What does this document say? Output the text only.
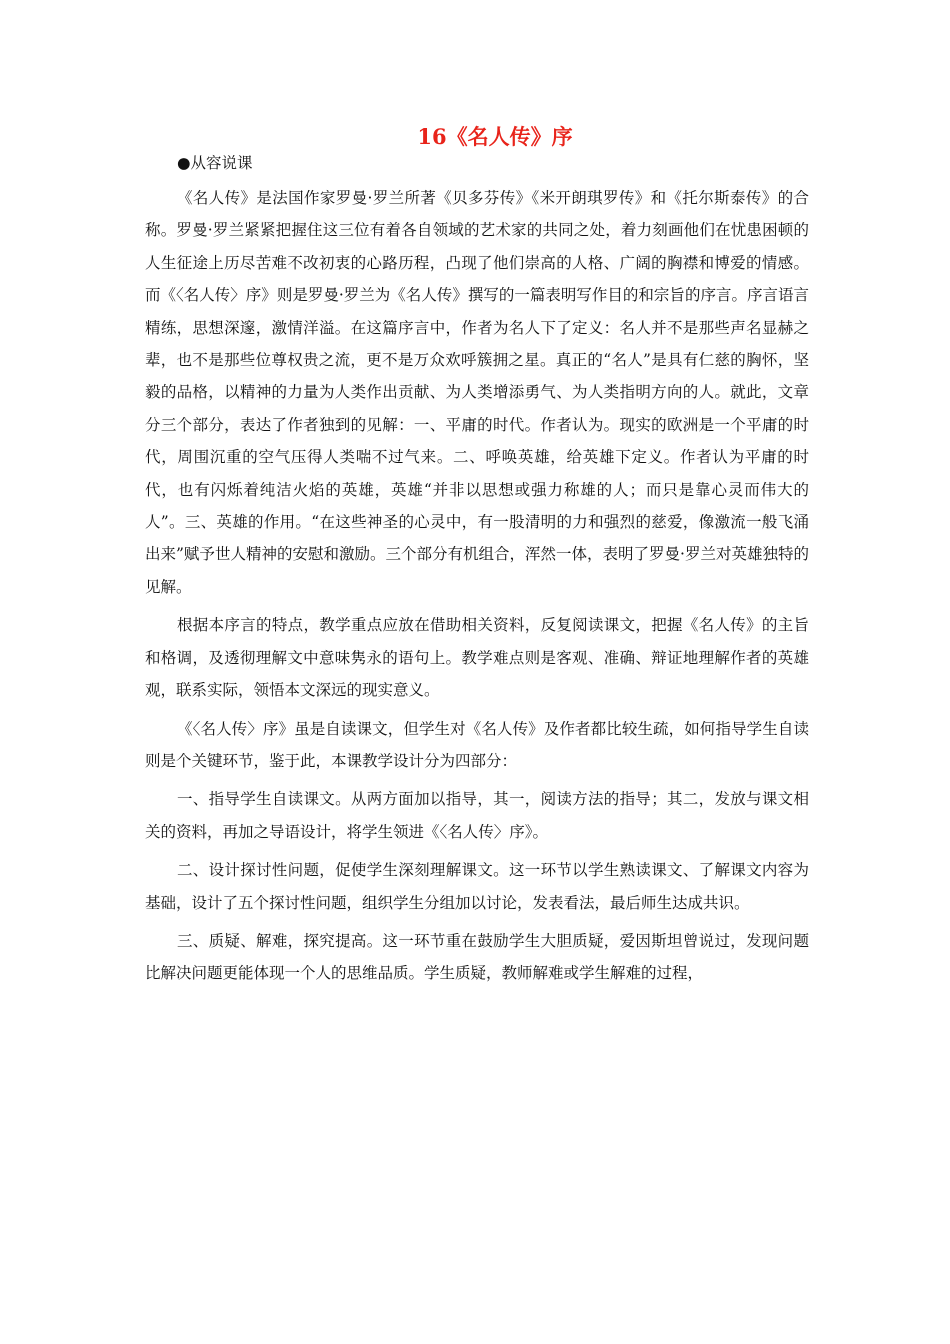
16《名人传》序
●从容说课

《名人传》是法国作家罗曼·罗兰所著《贝多芬传》《米开朗琪罗传》和《托尔斯泰传》的合称。罗曼·罗兰紧紧把握住这三位有着各自领域的艺术家的共同之处，着力刻画他们在忧患困顿的人生征途上历尽苦难不改初衷的心路历程，凸现了他们崇高的人格、广阔的胸襟和博爱的情感。而《〈名人传〉序》则是罗曼·罗兰为《名人传》撰写的一篇表明写作目的和宗旨的序言。序言语言精练，思想深邃，激情洋溢。在这篇序言中，作者为名人下了定义：名人并不是那些声名显赫之辈，也不是那些位尊权贵之流，更不是万众欢呼簇拥之星。真正的“名人”是具有仁慈的胸怀，坚毅的品格，以精神的力量为人类作出贡献、为人类增添勇气、为人类指明方向的人。就此，文章分三个部分，表达了作者独到的见解：一、平庸的时代。作者认为。现实的欧洲是一个平庸的时代，周围沉重的空气压得人类喘不过气来。二、呼唤英雄，给英雄下定义。作者认为平庸的时代，也有闪烁着纯洁火焰的英雄，英雄“并非以思想或强力称雄的人；而只是靠心灵而伟大的人”。三、英雄的作用。“在这些神圣的心灵中，有一股清明的力和强烈的慈爱，像激流一般飞涌出来”赋予世人精神的安慰和激励。三个部分有机组合，浑然一体，表明了罗曼·罗兰对英雄独特的见解。

根据本序言的特点，教学重点应放在借助相关资料，反复阅读课文，把握《名人传》的主旨和格调，及透彻理解文中意味隽永的语句上。教学难点则是客观、准确、辩证地理解作者的英雄观，联系实际，领悟本文深远的现实意义。

《〈名人传〉序》虽是自读课文，但学生对《名人传》及作者都比较生疏，如何指导学生自读则是个关键环节，鉴于此，本课教学设计分为四部分：

一、指导学生自读课文。从两方面加以指导，其一，阅读方法的指导；其二，发放与课文相关的资料，再加之导语设计，将学生领进《〈名人传〉序》。

二、设计探讨性问题，促使学生深刻理解课文。这一环节以学生熟读课文、了解课文内容为基础，设计了五个探讨性问题，组织学生分组加以讨论，发表看法，最后师生达成共识。

三、质疑、解难，探究提高。这一环节重在鼓励学生大胆质疑，爱因斯坦曾说过，发现问题比解决问题更能体现一个人的思维品质。学生质疑，教师解难或学生解难的过程，
